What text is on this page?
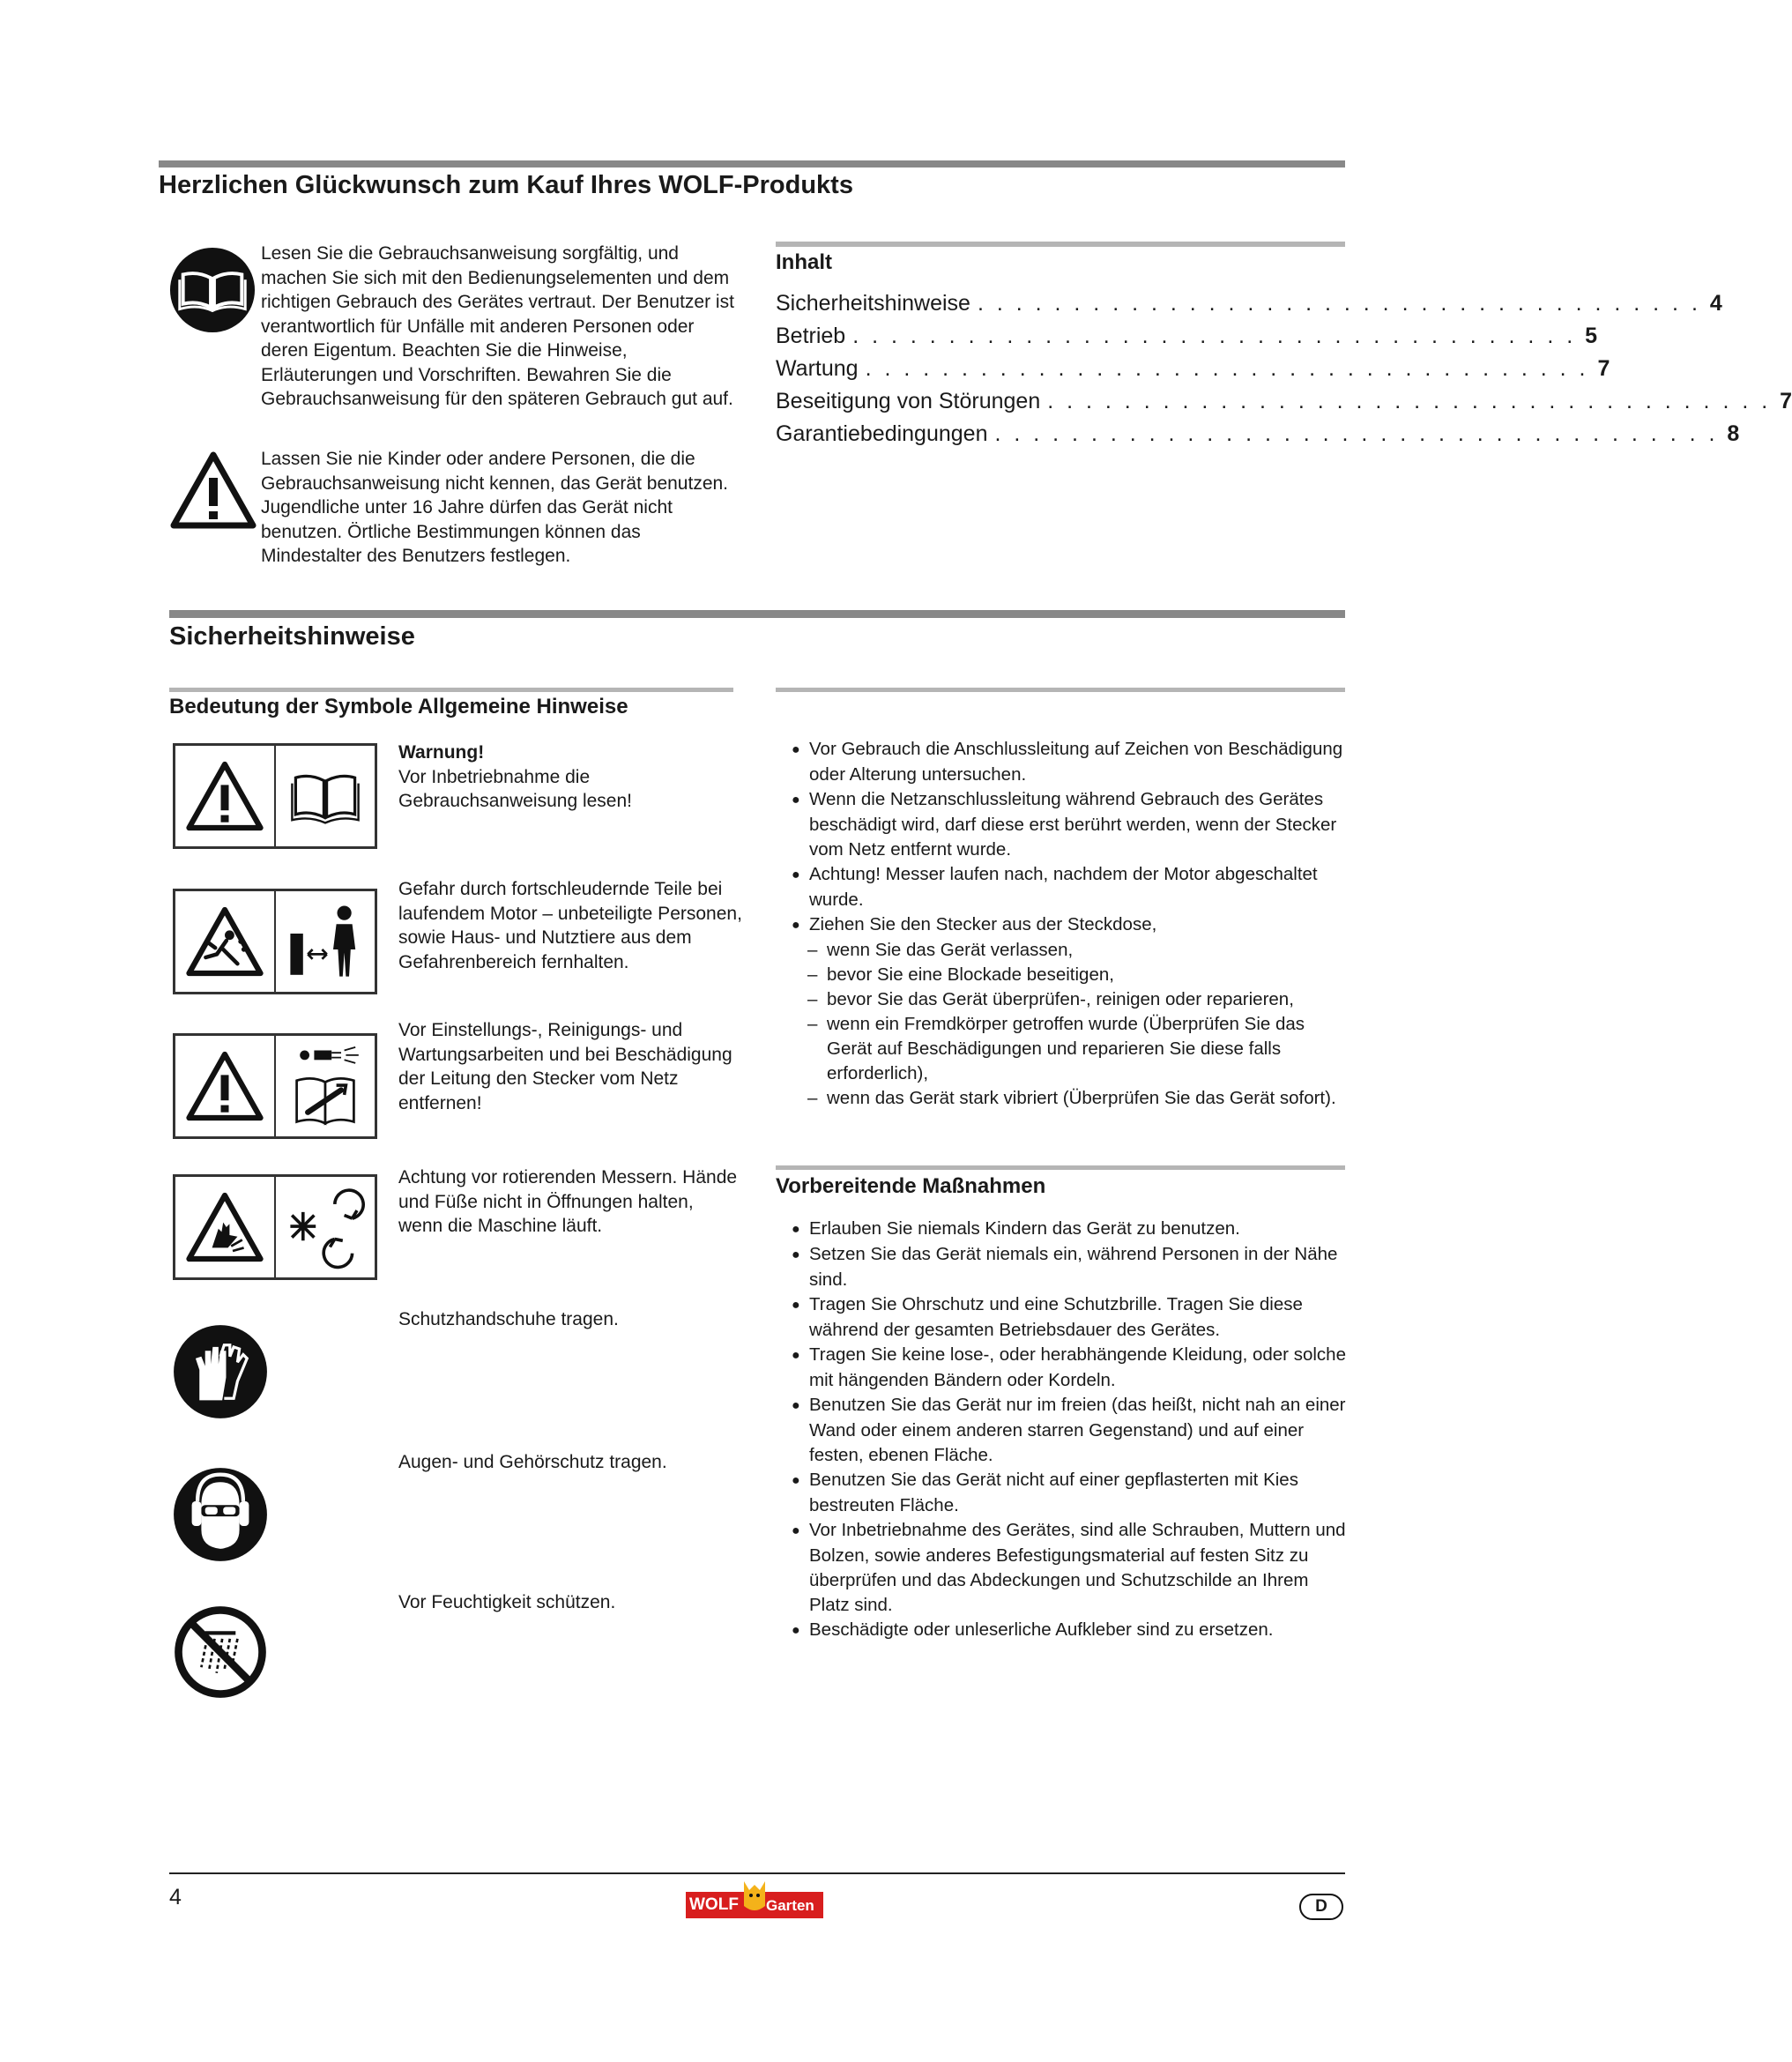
Herzlichen Glückwunsch zum Kauf Ihres WOLF-Produkts
Lesen Sie die Gebrauchsanweisung sorgfältig, und machen Sie sich mit den Bedienungselementen und dem richtigen Gebrauch des Gerätes vertraut. Der Benutzer ist verantwortlich für Unfälle mit anderen Personen oder deren Eigentum. Beachten Sie die Hinweise, Erläuterungen und Vorschriften. Bewahren Sie die Gebrauchsanweisung für den späteren Gebrauch gut auf.
Lassen Sie nie Kinder oder andere Personen, die die Gebrauchsanweisung nicht kennen, das Gerät benutzen. Jugendliche unter 16 Jahre dürfen das Gerät nicht benutzen. Örtliche Bestimmungen können das Mindestalter des Benutzers festlegen.
Inhalt
Sicherheitshinweise . . . . . . . . . . . . . . . . . . . . . . . . . . . . . . . . . . . . . . 4
Betrieb . . . . . . . . . . . . . . . . . . . . . . . . . . . . . . . . . . . . . . 5
Wartung . . . . . . . . . . . . . . . . . . . . . . . . . . . . . . . . . . . . . . 7
Beseitigung von Störungen . . . . . . . . . . . . . . . . . . . . . . . . . . . . . . . . . . . . . . 7
Garantiebedingungen . . . . . . . . . . . . . . . . . . . . . . . . . . . . . . . . . . . . . . 8
Sicherheitshinweise
Bedeutung der Symbole Allgemeine Hinweise
Warnung!
Vor Inbetriebnahme die Gebrauchsanweisung lesen!
Gefahr durch fortschleudernde Teile bei laufendem Motor – unbeteiligte Personen, sowie Haus- und Nutztiere aus dem Gefahrenbereich fernhalten.
Vor Einstellungs-, Reinigungs- und Wartungsarbeiten und bei Beschädigung der Leitung den Stecker vom Netz entfernen!
Achtung vor rotierenden Messern. Hände und Füße nicht in Öffnungen halten, wenn die Maschine läuft.
Schutzhandschuhe tragen.
Augen- und Gehörschutz tragen.
Vor Feuchtigkeit schützen.
● Vor Gebrauch die Anschlussleitung auf Zeichen von Beschädigung oder Alterung untersuchen.
● Wenn die Netzanschlussleitung während Gebrauch des Gerätes beschädigt wird, darf diese erst berührt werden, wenn der Stecker vom Netz entfernt wurde.
● Achtung! Messer laufen nach, nachdem der Motor abgeschaltet wurde.
● Ziehen Sie den Stecker aus der Steckdose,
– wenn Sie das Gerät verlassen,
– bevor Sie eine Blockade beseitigen,
– bevor Sie das Gerät überprüfen-, reinigen oder reparieren,
– wenn ein Fremdkörper getroffen wurde (Überprüfen Sie das Gerät auf Beschädigungen und reparieren Sie diese falls erforderlich),
– wenn das Gerät stark vibriert (Überprüfen Sie das Gerät sofort).
Vorbereitende Maßnahmen
● Erlauben Sie niemals Kindern das Gerät zu benutzen.
● Setzen Sie das Gerät niemals ein, während Personen in der Nähe sind.
● Tragen Sie Ohrschutz und eine Schutzbrille. Tragen Sie diese während der gesamten Betriebsdauer des Gerätes.
● Tragen Sie keine lose-, oder herabhängende Kleidung, oder solche mit hängenden Bändern oder Kordeln.
● Benutzen Sie das Gerät nur im freien (das heißt, nicht nah an einer Wand oder einem anderen starren Gegenstand) und auf einer festen, ebenen Fläche.
● Benutzen Sie das Gerät nicht auf einer gepflasterten mit Kies bestreuten Fläche.
● Vor Inbetriebnahme des Gerätes, sind alle Schrauben, Muttern und Bolzen, sowie anderes Befestigungsmaterial auf festen Sitz zu überprüfen und das Abdeckungen und Schutzschilde an Ihrem Platz sind.
● Beschädigte oder unleserliche Aufkleber sind zu ersetzen.
4	WOLF Garten	D
